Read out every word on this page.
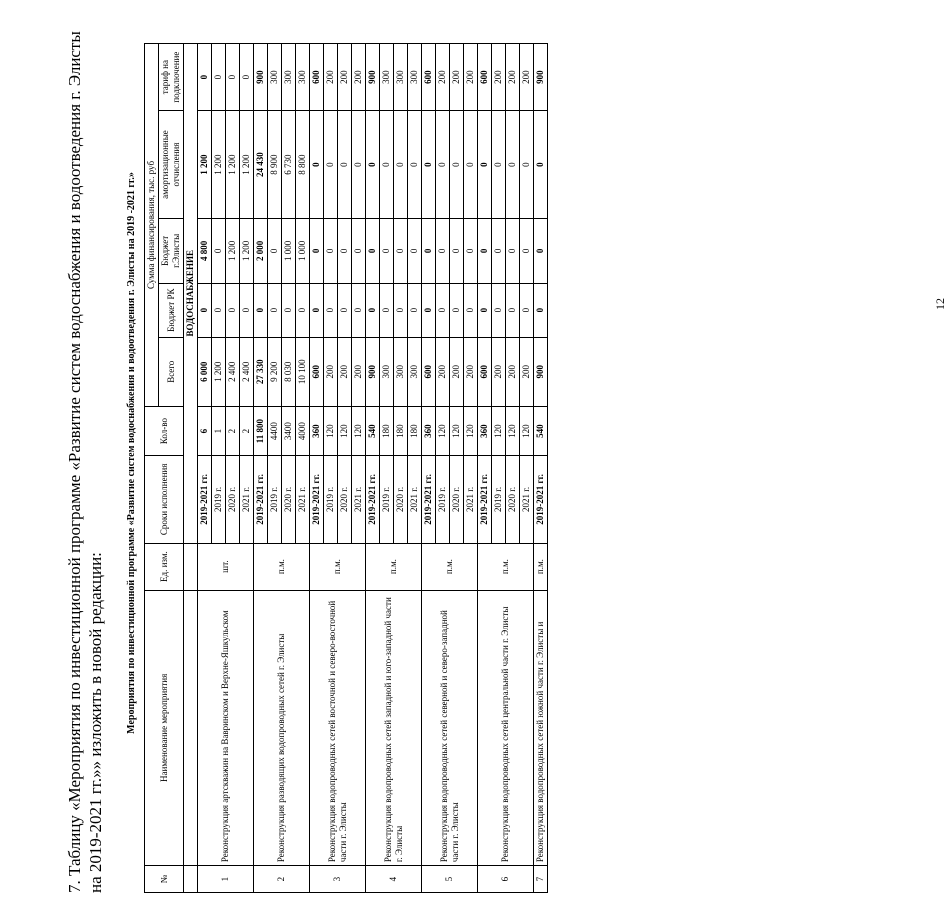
7. Таблицу «Мероприятия по инвестиционной программе «Развитие систем водоснабжения и водоотведения г. Элисты на 2019-2021 гг.»» изложить в новой редакции: Мероприятия по инвестиционной программе «Развитие систем водоснабжения и водоотведения г. Элисты на 2019 -2021 гг.»
№	Наименование мероприятия	Ед. изм.	Сроки исполнения	Кол-во	Сумма финансирования, тыс. руб				
					Всего	Бюджет РК	Бюджет г.Элисты	амортизационные отчисления	тариф на подключение
			ВОДОСНАБЖЕНИЕ						
1	Реконструкция артскважин на Вавринском и Верхне-Яшкульском	шт.	2019-2021 гг.	6	6 000	0	4 800	1 200	0
			2019 г.	1	1 200	0	0	1 200	0
			2020 г.	2	2 400	0	1 200	1 200	0
			2021 г.	2	2 400	0	1 200	1 200	0
2	Реконструкция разводящих водопроводных сетей г. Элисты	п.м.	2019-2021 гг.	11 800	27 330	0	2 000	24 430	900
			2019 г.	4400	9 200	0	0	8 900	300
			2020 г.	3400	8 030	0	1 000	6 730	300
			2021 г.	4000	10 100	0	1 000	8 800	300
3	Реконструкция водопроводных сетей восточной и северо-восточной части г. Элисты	п.м.	2019-2021 гг.	360	600	0	0	0	600
			2019 г.	120	200	0	0	0	200
			2020 г.	120	200	0	0	0	200
			2021 г.	120	200	0	0	0	200
4	Реконструкция водопроводных сетей западной и юго-западной части г. Элисты	п.м.	2019-2021 гг.	540	900	0	0	0	900
			2019 г.	180	300	0	0	0	300
			2020 г.	180	300	0	0	0	300
			2021 г.	180	300	0	0	0	300
5	Реконструкция водопроводных сетей северной и северо-западной части г. Элисты	п.м.	2019-2021 гг.	360	600	0	0	0	600
			2019 г.	120	200	0	0	0	200
			2020 г.	120	200	0	0	0	200
			2021 г.	120	200	0	0	0	200
6	Реконструкция водопроводных сетей центральной части г. Элисты	п.м.	2019-2021 гг.	360	600	0	0	0	600
			2019 г.	120	200	0	0	0	200
			2020 г.	120	200	0	0	0	200
			2021 г.	120	200	0	0	0	200
7	Реконструкция водопроводных сетей южной части г. Элисты и	п.м.	2019-2021 гг.	540	900	0	0	0	900
12
